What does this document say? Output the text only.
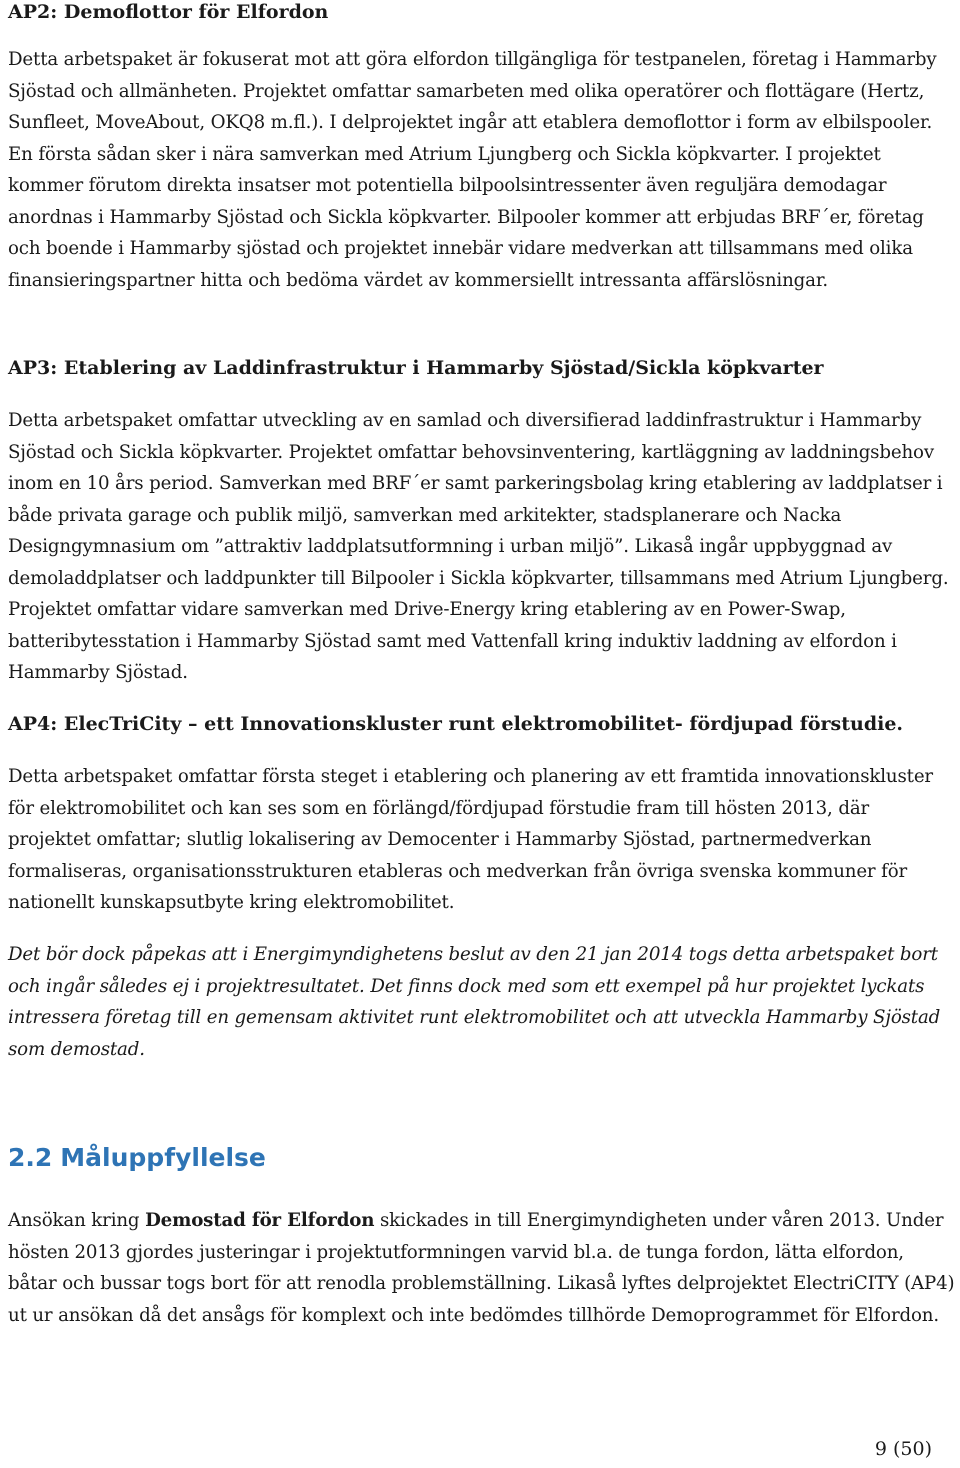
AP2: Demoflottor för Elfordon

Detta arbetspaket är fokuserat mot att göra elfordon tillgängliga för testpanelen, företag i Hammarby Sjöstad och allmänheten. Projektet omfattar samarbeten med olika operatörer och flottägare (Hertz, Sunfleet, MoveAbout, OKQ8 m.fl.). I delprojektet ingår att etablera demoflottor i form av elbilspooler. En första sådan sker i nära samverkan med Atrium Ljungberg och Sickla köpkvarter. I projektet kommer förutom direkta insatser mot potentiella bilpoolsintressenter även reguljära demodagar anordnas i Hammarby Sjöstad och Sickla köpkvarter. Bilpooler kommer att erbjudas BRF´er, företag och boende i Hammarby sjöstad och projektet innebär vidare medverkan att tillsammans med olika finansieringspartner hitta och bedöma värdet av kommersiellt intressanta affärslösningar.

AP3: Etablering av Laddinfrastruktur i Hammarby Sjöstad/Sickla köpkvarter

Detta arbetspaket omfattar utveckling av en samlad och diversifierad laddinfrastruktur i Hammarby Sjöstad och Sickla köpkvarter. Projektet omfattar behovsinventering, kartläggning av laddningsbehov inom en 10 års period. Samverkan med BRF´er samt parkeringsbolag kring etablering av laddplatser i både privata garage och publik miljö, samverkan med arkitekter, stadsplanerare och Nacka Designgymnasium om ”attraktiv laddplatsutformning i urban miljö”. Likaså ingår uppbyggnad av demoladdplatser och laddpunkter till Bilpooler i Sickla köpkvarter, tillsammans med Atrium Ljungberg. Projektet omfattar vidare samverkan med Drive-Energy kring etablering av en Power-Swap, batteribytesstation i Hammarby Sjöstad samt med Vattenfall kring induktiv laddning av elfordon i Hammarby Sjöstad.

AP4: ElecTriCity – ett Innovationskluster runt elektromobilitet- fördjupad förstudie.

Detta arbetspaket omfattar första steget i etablering och planering av ett framtida innovationskluster för elektromobilitet och kan ses som en förlängd/fördjupad förstudie fram till hösten 2013, där projektet omfattar; slutlig lokalisering av Democenter i Hammarby Sjöstad, partnermedverkan formaliseras, organisationsstrukturen etableras och medverkan från övriga svenska kommuner för nationellt kunskapsutbyte kring elektromobilitet.

Det bör dock påpekas att i Energimyndighetens beslut av den 21 jan 2014 togs detta arbetspaket bort och ingår således ej i projektresultatet. Det finns dock med som ett exempel på hur projektet lyckats intressera företag till en gemensam aktivitet runt elektromobilitet och att utveckla Hammarby Sjöstad som demostad.

2.2 Måluppfyllelse

Ansökan kring Demostad för Elfordon skickades in till Energimyndigheten under våren 2013. Under hösten 2013 gjordes justeringar i projektutformningen varvid bl.a. de tunga fordon, lätta elfordon, båtar och bussar togs bort för att renodla problemställning. Likaså lyftes delprojektet ElectriCITY (AP4) ut ur ansökan då det ansågs för komplext och inte bedömdes tillhörde Demoprogrammet för Elfordon.

9 (50)
